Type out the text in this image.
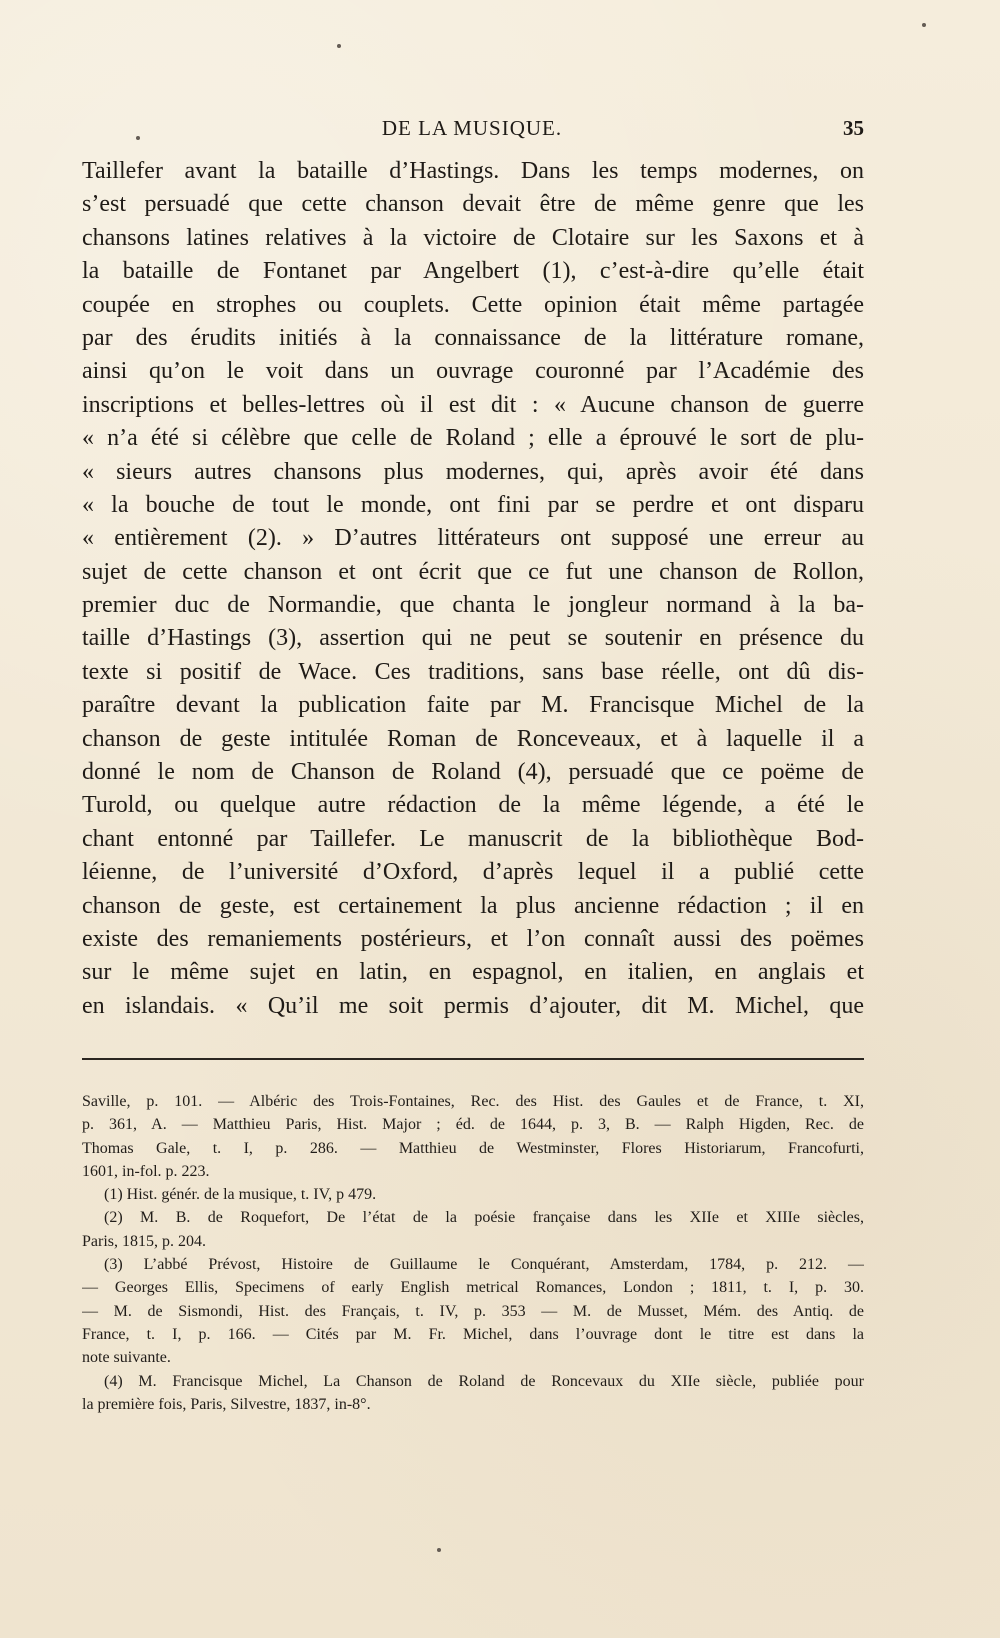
DE LA MUSIQUE.	35
Taillefer avant la bataille d’Hastings. Dans les temps modernes, on
s’est persuadé que cette chanson devait être de même genre que les
chansons latines relatives à la victoire de Clotaire sur les Saxons et à
la bataille de Fontanet par Angelbert (1), c’est-à-dire qu’elle était
coupée en strophes ou couplets. Cette opinion était même partagée
par des érudits initiés à la connaissance de la littérature romane,
ainsi qu’on le voit dans un ouvrage couronné par l’Académie des
inscriptions et belles-lettres où il est dit : « Aucune chanson de guerre
« n’a été si célèbre que celle de Roland ; elle a éprouvé le sort de plu-
« sieurs autres chansons plus modernes, qui, après avoir été dans
« la bouche de tout le monde, ont fini par se perdre et ont disparu
« entièrement (2). » D’autres littérateurs ont supposé une erreur au
sujet de cette chanson et ont écrit que ce fut une chanson de Rollon,
premier duc de Normandie, que chanta le jongleur normand à la ba-
taille d’Hastings (3), assertion qui ne peut se soutenir en présence du
texte si positif de Wace. Ces traditions, sans base réelle, ont dû dis-
paraître devant la publication faite par M. Francisque Michel de la
chanson de geste intitulée Roman de Ronceveaux, et à laquelle il a
donné le nom de Chanson de Roland (4), persuadé que ce poëme de
Turold, ou quelque autre rédaction de la même légende, a été le
chant entonné par Taillefer. Le manuscrit de la bibliothèque Bod-
léienne, de l’université d’Oxford, d’après lequel il a publié cette
chanson de geste, est certainement la plus ancienne rédaction ; il en
existe des remaniements postérieurs, et l’on connaît aussi des poëmes
sur le même sujet en latin, en espagnol, en italien, en anglais et
en islandais. « Qu’il me soit permis d’ajouter, dit M. Michel, que
Saville, p. 101. — Albéric des Trois-Fontaines, Rec. des Hist. des Gaules et de France, t. XI,
p. 361, A. — Matthieu Paris, Hist. Major ; éd. de 1644, p. 3, B. — Ralph Higden, Rec. de
Thomas Gale, t. I, p. 286. — Matthieu de Westminster, Flores Historiarum, Francofurti,
1601, in-fol. p. 223.
(1) Hist. génér. de la musique, t. IV, p 479.
(2) M. B. de Roquefort, De l’état de la poésie française dans les XIIe et XIIIe siècles,
Paris, 1815, p. 204.
(3) L’abbé Prévost, Histoire de Guillaume le Conquérant, Amsterdam, 1784, p. 212. —
— Georges Ellis, Specimens of early English metrical Romances, London ; 1811, t. I, p. 30.
— M. de Sismondi, Hist. des Français, t. IV, p. 353 — M. de Musset, Mém. des Antiq. de
France, t. I, p. 166. — Cités par M. Fr. Michel, dans l’ouvrage dont le titre est dans la
note suivante.
(4) M. Francisque Michel, La Chanson de Roland de Roncevaux du XIIe siècle, publiée pour
la première fois, Paris, Silvestre, 1837, in-8°.
